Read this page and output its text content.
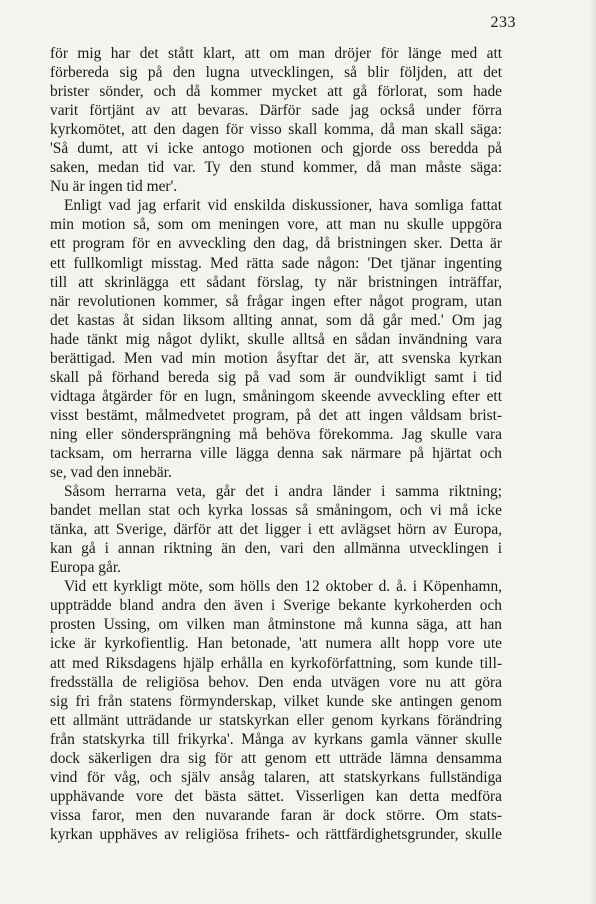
233
för mig har det stått klart, att om man dröjer för länge med att
förbereda sig på den lugna utvecklingen, så blir följden, att det
brister sönder, och då kommer mycket att gå förlorat, som hade
varit förtjänt av att bevaras. Därför sade jag också under förra
kyrkomötet, att den dagen för visso skall komma, då man skall säga:
'Så dumt, att vi icke antogo motionen och gjorde oss beredda på
saken, medan tid var. Ty den stund kommer, då man måste säga:
Nu är ingen tid mer'.
Enligt vad jag erfarit vid enskilda diskussioner, hava somliga fattat
min motion så, som om meningen vore, att man nu skulle uppgöra
ett program för en avveckling den dag, då bristningen sker. Detta är
ett fullkomligt misstag. Med rätta sade någon: 'Det tjänar ingenting
till att skrinlägga ett sådant förslag, ty när bristningen inträffar,
när revolutionen kommer, så frågar ingen efter något program, utan
det kastas åt sidan liksom allting annat, som då går med.' Om jag
hade tänkt mig något dylikt, skulle alltså en sådan invändning vara
berättigad. Men vad min motion åsyftar det är, att svenska kyrkan
skall på förhand bereda sig på vad som är oundvikligt samt i tid
vidtaga åtgärder för en lugn, småningom skeende avveckling efter ett
visst bestämt, målmedvetet program, på det att ingen våldsam brist-
ning eller söndersprängning må behöva förekomma. Jag skulle vara
tacksam, om herrarna ville lägga denna sak närmare på hjärtat och
se, vad den innebär.
Såsom herrarna veta, går det i andra länder i samma riktning;
bandet mellan stat och kyrka lossas så småningom, och vi må icke
tänka, att Sverige, därför att det ligger i ett avlägset hörn av Europa,
kan gå i annan riktning än den, vari den allmänna utvecklingen i
Europa går.
Vid ett kyrkligt möte, som hölls den 12 oktober d. å. i Köpenhamn,
uppträdde bland andra den även i Sverige bekante kyrkoherden och
prosten Ussing, om vilken man åtminstone må kunna säga, att han
icke är kyrkofientlig. Han betonade, 'att numera allt hopp vore ute
att med Riksdagens hjälp erhålla en kyrkoförfattning, som kunde till-
fredsställa de religiösa behov. Den enda utvägen vore nu att göra
sig fri från statens förmynderskap, vilket kunde ske antingen genom
ett allmänt utträdande ur statskyrkan eller genom kyrkans förändring
från statskyrka till frikyrka'. Många av kyrkans gamla vänner skulle
dock säkerligen dra sig för att genom ett utträde lämna densamma
vind för våg, och själv ansåg talaren, att statskyrkans fullständiga
upphävande vore det bästa sättet. Visserligen kan detta medföra
vissa faror, men den nuvarande faran är dock större. Om stats-
kyrkan upphäves av religiösa frihets- och rättfärdighetsgrunder, skulle
